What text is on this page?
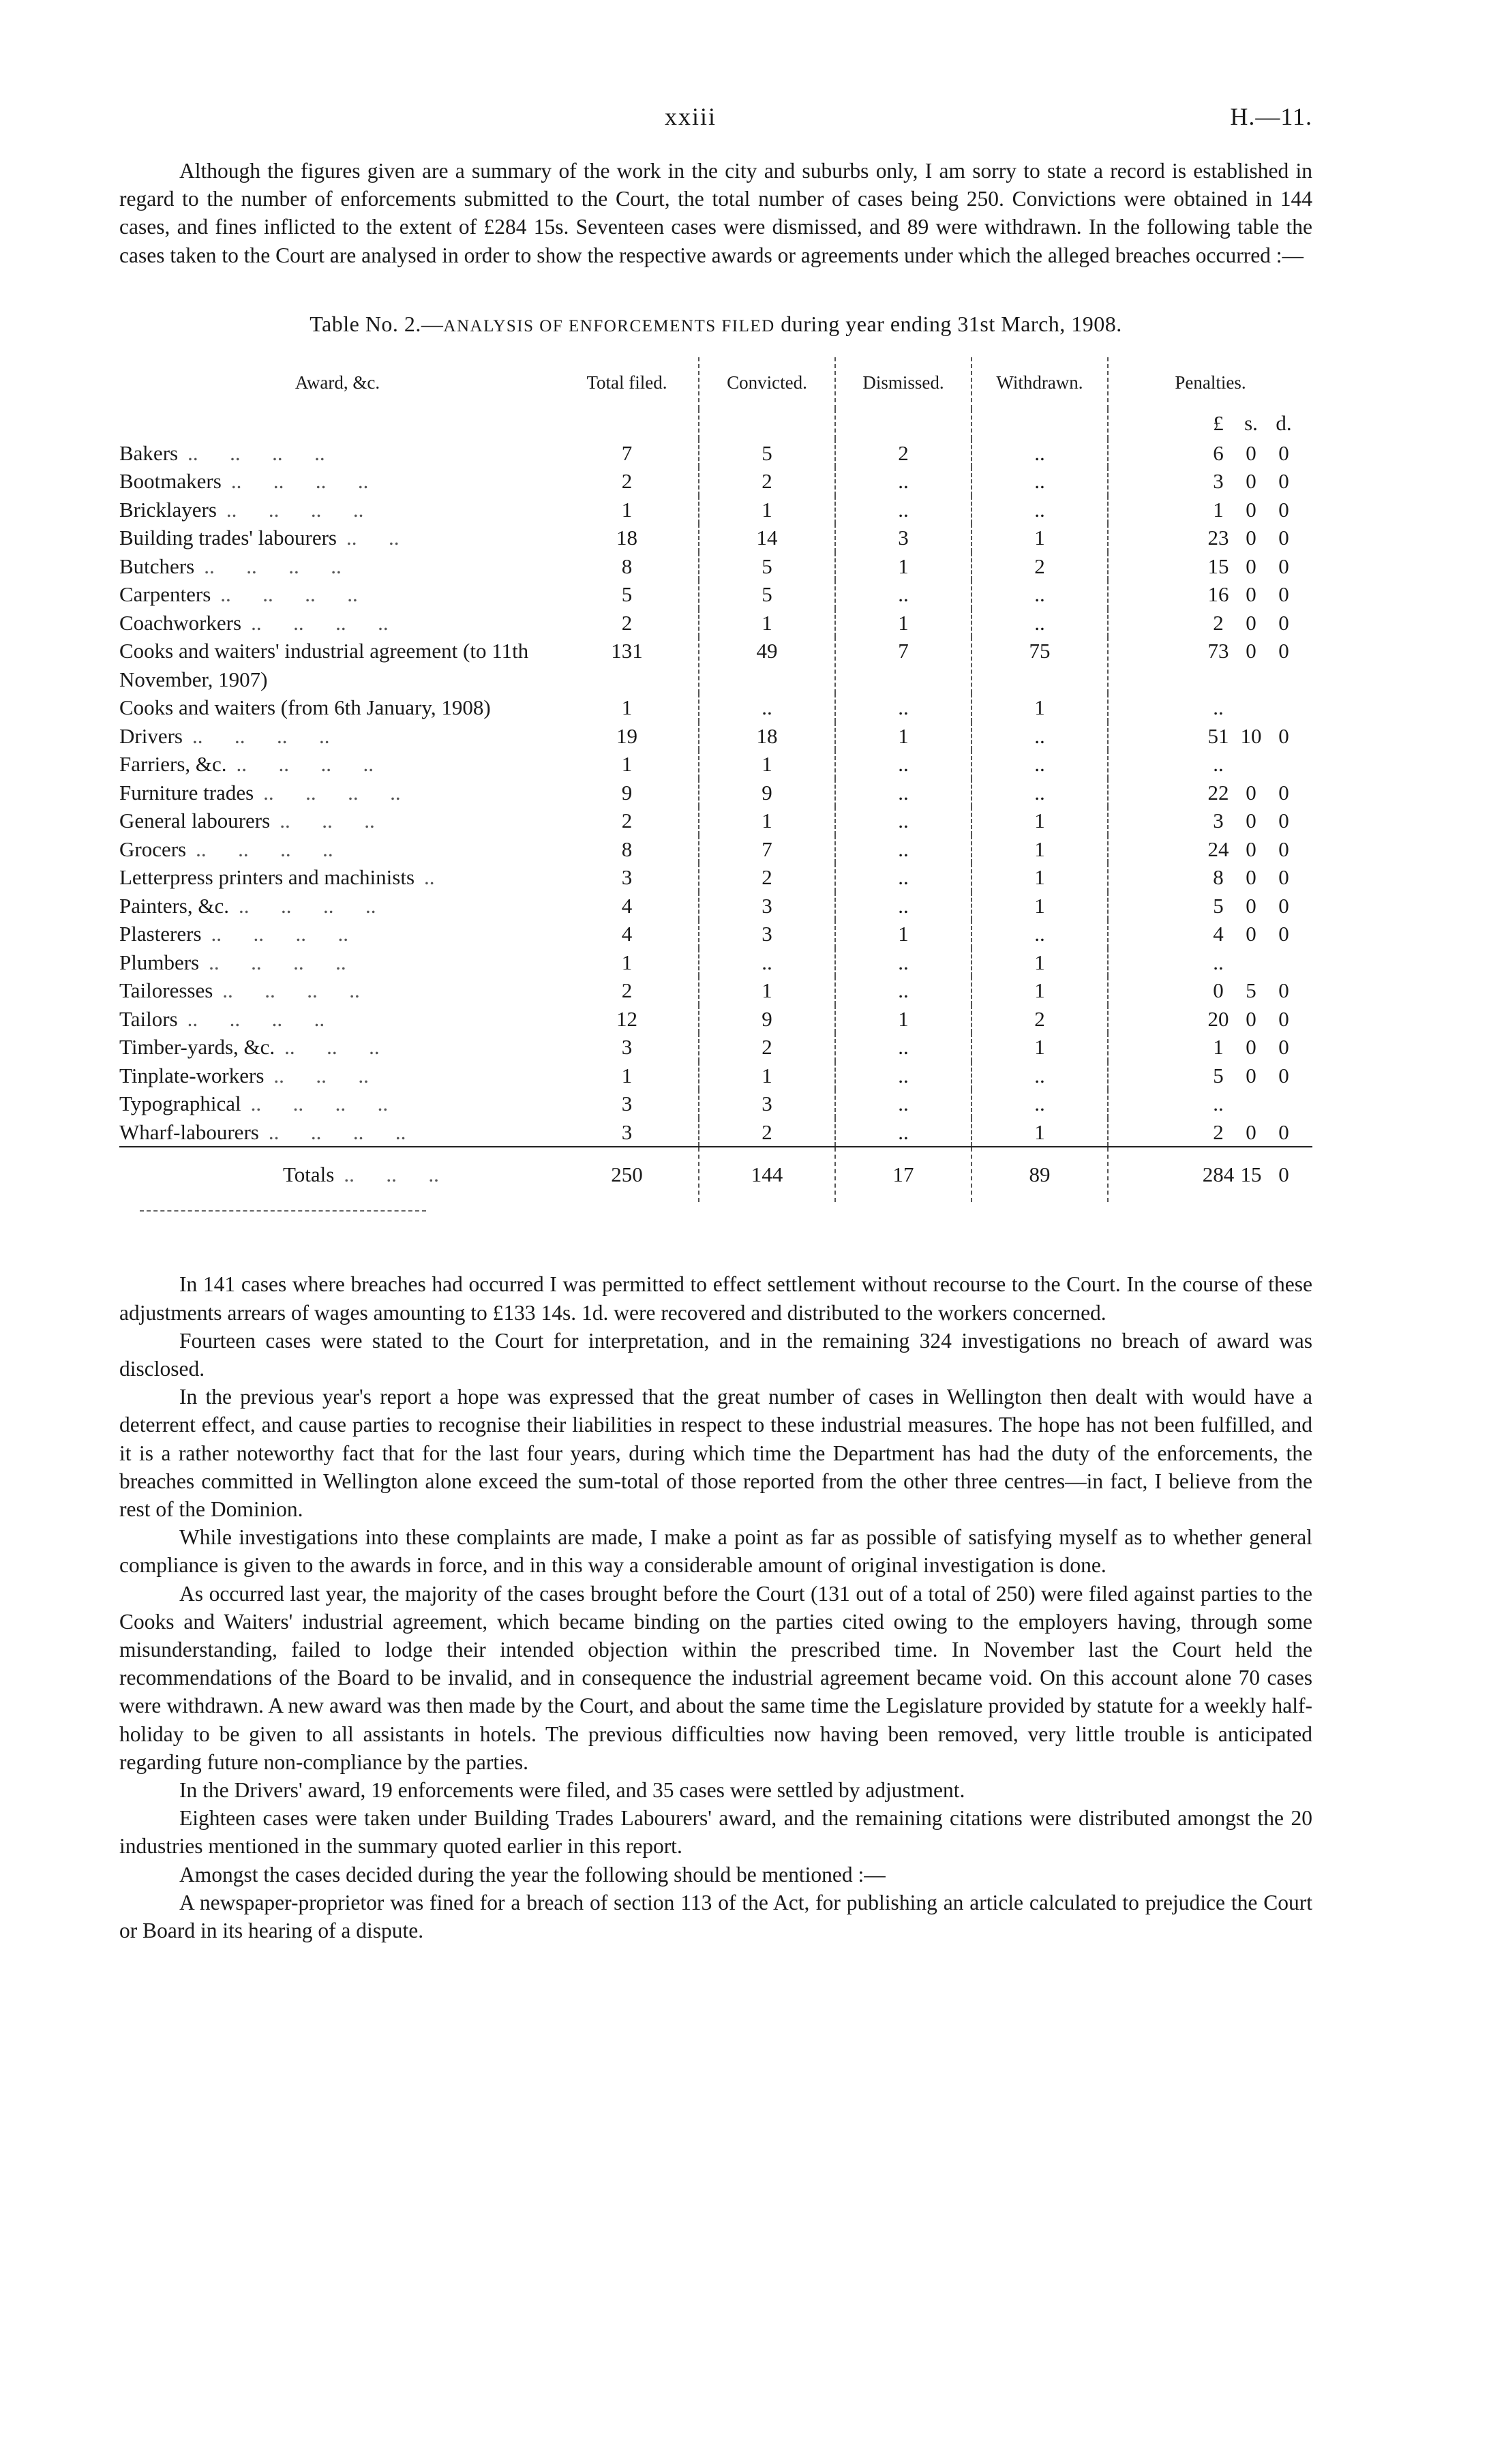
xxiii	H.—11.

Although the figures given are a summary of the work in the city and suburbs only, I am sorry to state a record is established in regard to the number of enforcements submitted to the Court, the total number of cases being 250. Convictions were obtained in 144 cases, and fines inflicted to the extent of £284 15s. Seventeen cases were dismissed, and 89 were withdrawn. In the following table the cases taken to the Court are analysed in order to show the respective awards or agreements under which the alleged breaches occurred :—

Table No. 2.—ANALYSIS OF ENFORCEMENTS FILED during year ending 31st March, 1908.
Award, &c.	Total filed.	Convicted.	Dismissed.	Withdrawn.	Penalties.

					£ s. d.

Bakers ..      ..      ..      ..	7	5	2	..	6 0 0

Bootmakers ..      ..      ..      ..	2	2	..	..	3 0 0

Bricklayers ..      ..      ..      ..	1	1	..	..	1 0 0

Building trades' labourers ..      ..	18	14	3	1	23 0 0

Butchers ..      ..      ..      ..	8	5	1	2	15 0 0

Carpenters ..      ..      ..      ..	5	5	..	..	16 0 0

Coachworkers ..      ..      ..      ..	2	1	1	..	2 0 0

Cooks and waiters' industrial agreement (to 11th November, 1907)	131	49	7	75	73 0 0

Cooks and waiters (from 6th January, 1908)	1	..	..	1	..

Drivers ..      ..      ..      ..	19	18	1	..	51 10 0

Farriers, &c. ..      ..      ..      ..	1	1	..	..	..

Furniture trades ..      ..      ..      ..	9	9	..	..	22 0 0

General labourers ..      ..      ..	2	1	..	1	3 0 0

Grocers ..      ..      ..      ..	8	7	..	1	24 0 0

Letterpress printers and machinists ..	3	2	..	1	8 0 0

Painters, &c. ..      ..      ..      ..	4	3	..	1	5 0 0

Plasterers ..      ..      ..      ..	4	3	1	..	4 0 0

Plumbers ..      ..      ..      ..	1	..	..	1	..

Tailoresses ..      ..      ..      ..	2	1	..	1	0 5 0

Tailors ..      ..      ..      ..	12	9	1	2	20 0 0

Timber-yards, &c. ..      ..      ..	3	2	..	1	1 0 0

Tinplate-workers ..      ..      ..	1	1	..	..	5 0 0

Typographical ..      ..      ..      ..	3	3	..	..	..

Wharf-labourers ..      ..      ..      ..	3	2	..	1	2 0 0

Totals ..      ..      ..	250	144	17	89	284 15 0

In 141 cases where breaches had occurred I was permitted to effect settlement without recourse to the Court. In the course of these adjustments arrears of wages amounting to £133 14s. 1d. were recovered and distributed to the workers concerned.

Fourteen cases were stated to the Court for interpretation, and in the remaining 324 investigations no breach of award was disclosed.

In the previous year's report a hope was expressed that the great number of cases in Wellington then dealt with would have a deterrent effect, and cause parties to recognise their liabilities in respect to these industrial measures. The hope has not been fulfilled, and it is a rather noteworthy fact that for the last four years, during which time the Department has had the duty of the enforcements, the breaches committed in Wellington alone exceed the sum-total of those reported from the other three centres—in fact, I believe from the rest of the Dominion.

While investigations into these complaints are made, I make a point as far as possible of satisfying myself as to whether general compliance is given to the awards in force, and in this way a considerable amount of original investigation is done.

As occurred last year, the majority of the cases brought before the Court (131 out of a total of 250) were filed against parties to the Cooks and Waiters' industrial agreement, which became binding on the parties cited owing to the employers having, through some misunderstanding, failed to lodge their intended objection within the prescribed time. In November last the Court held the recommendations of the Board to be invalid, and in consequence the industrial agreement became void. On this account alone 70 cases were withdrawn. A new award was then made by the Court, and about the same time the Legislature provided by statute for a weekly half-holiday to be given to all assistants in hotels. The previous difficulties now having been removed, very little trouble is anticipated regarding future non-compliance by the parties.

In the Drivers' award, 19 enforcements were filed, and 35 cases were settled by adjustment.

Eighteen cases were taken under Building Trades Labourers' award, and the remaining citations were distributed amongst the 20 industries mentioned in the summary quoted earlier in this report.

Amongst the cases decided during the year the following should be mentioned :—

A newspaper-proprietor was fined for a breach of section 113 of the Act, for publishing an article calculated to prejudice the Court or Board in its hearing of a dispute.
